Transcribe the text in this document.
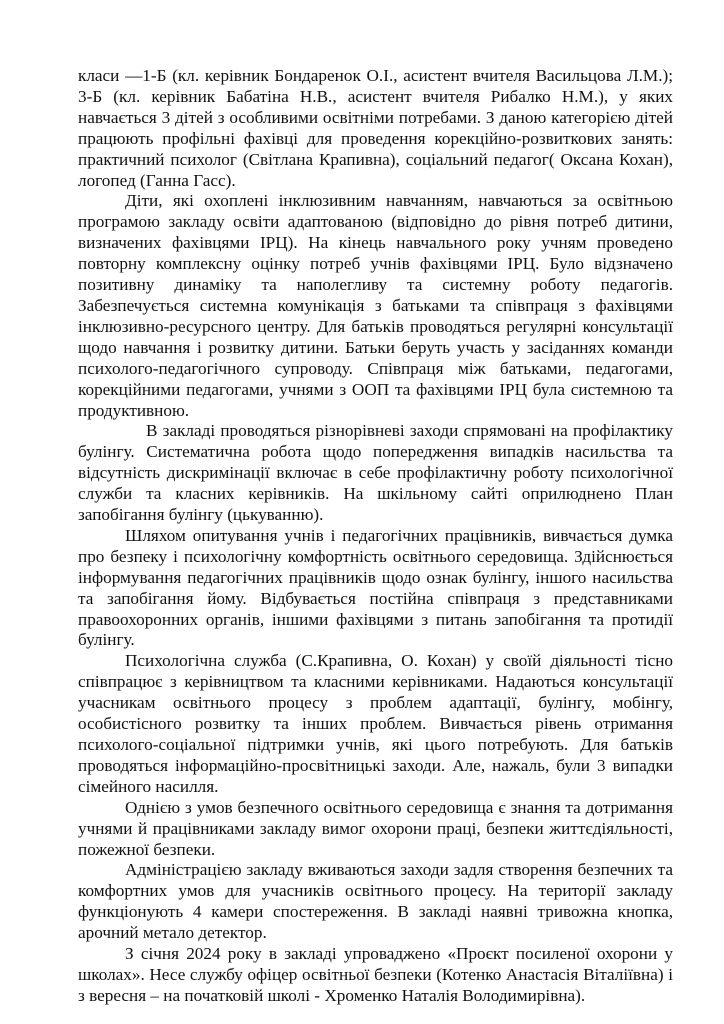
класи —1-Б (кл. керівник Бондаренок О.І., асистент вчителя Васильцова Л.М.); 3-Б (кл. керівник Бабатіна Н.В., асистент вчителя Рибалко Н.М.), у яких навчається 3 дітей з особливими освітніми потребами. З даною категорією дітей працюють профільні фахівці для проведення корекційно-розвиткових занять: практичний психолог (Світлана Крапивна), соціальний педагог( Оксана Кохан), логопед (Ганна Гасс).

Діти, які охоплені інклюзивним навчанням, навчаються за освітньою програмою закладу освіти адаптованою (відповідно до рівня потреб дитини, визначених фахівцями ІРЦ). На кінець навчального року учням проведено повторну комплексну оцінку потреб учнів фахівцями ІРЦ. Було відзначено позитивну динаміку та наполегливу та системну роботу педагогів. Забезпечується системна комунікація з батьками та співпраця з фахівцями інклюзивно-ресурсного центру. Для батьків проводяться регулярні консультації щодо навчання і розвитку дитини. Батьки беруть участь у засіданнях команди психолого-педагогічного супроводу. Співпраця між батьками, педагогами, корекційними педагогами, учнями з ООП та фахівцями ІРЦ була системною та продуктивною.

В закладі проводяться різнорівневі заходи спрямовані на профілактику булінгу. Систематична робота щодо попередження випадків насильства та відсутність дискримінації включає в себе профілактичну роботу психологічної служби та класних керівників. На шкільному сайті оприлюднено План запобігання булінгу (цькуванню).

Шляхом опитування учнів і педагогічних працівників, вивчається думка про безпеку і психологічну комфортність освітнього середовища. Здійснюється інформування педагогічних працівників щодо ознак булінгу, іншого насильства та запобігання йому. Відбувається постійна співпраця з представниками правоохоронних органів, іншими фахівцями з питань запобігання та протидії булінгу.

Психологічна служба (С.Крапивна, О. Кохан) у своїй діяльності тісно співпрацює з керівництвом та класними керівниками. Надаються консультації учасникам освітнього процесу з проблем адаптації, булінгу, мобінгу, особистісного розвитку та інших проблем. Вивчається рівень отримання психолого-соціальної підтримки учнів, які цього потребують. Для батьків проводяться інформаційно-просвітницькі заходи. Але, нажаль, були 3 випадки сімейного насилля.

Однією з умов безпечного освітнього середовища є знання та дотримання учнями й працівниками закладу вимог охорони праці, безпеки життєдіяльності, пожежної безпеки.

Адміністрацією закладу вживаються заходи задля створення безпечних та комфортних умов для учасників освітнього процесу. На території закладу функціонують 4 камери спостереження. В закладі наявні тривожна кнопка, арочний метало детектор.

З січня 2024 року в закладі упроваджено «Проєкт посиленої охорони у школах». Несе службу офіцер освітньої безпеки (Котенко Анастасія Віталіївна) і з вересня – на початковій школі - Хроменко Наталія Володимирівна).
